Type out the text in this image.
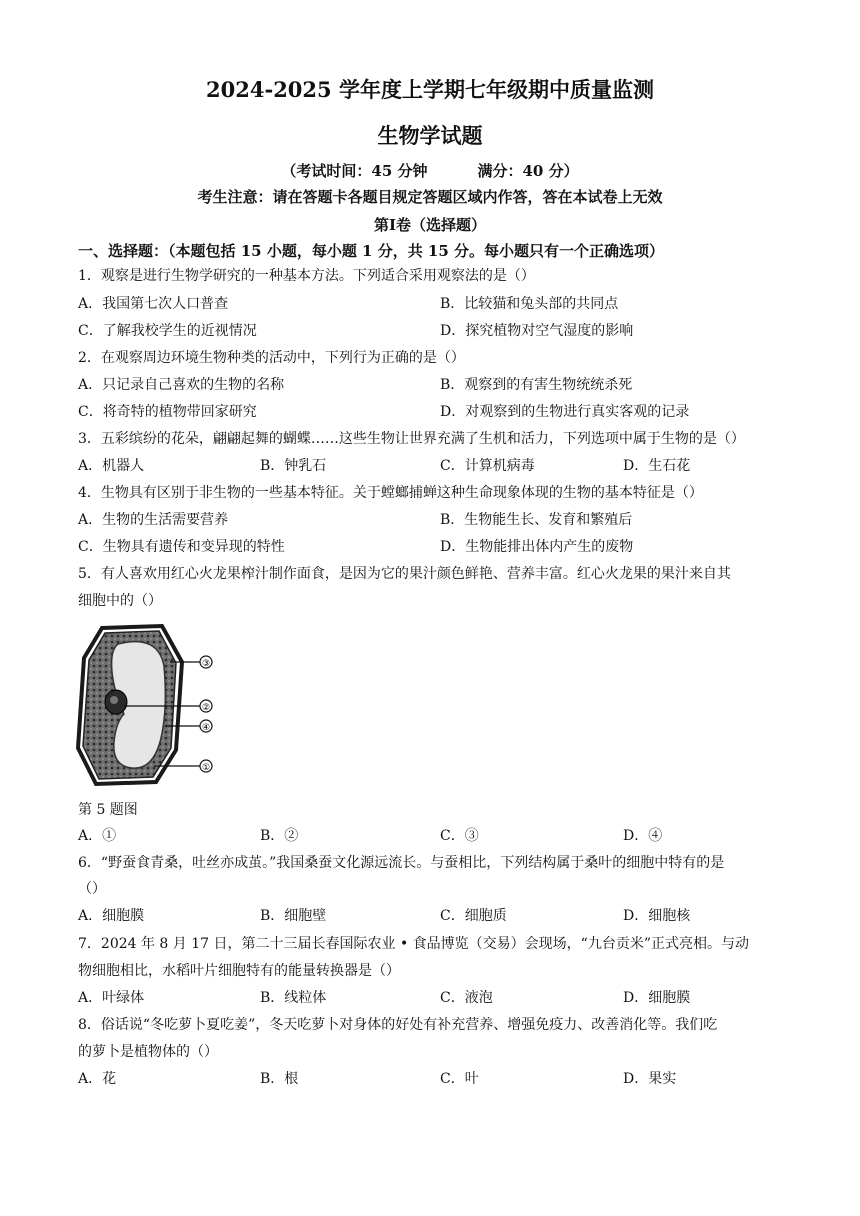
2024-2025 学年度上学期七年级期中质量监测
生物学试题
（考试时间：45 分钟	满分：40 分）
考生注意：请在答题卡各题目规定答题区域内作答，答在本试卷上无效
第Ⅰ卷（选择题）
一、选择题：（本题包括 15 小题，每小题 1 分，共 15 分。每小题只有一个正确选项）
1．观察是进行生物学研究的一种基本方法。下列适合采用观察法的是（）
A．我国第七次人口普查	B．比较猫和兔头部的共同点
C．了解我校学生的近视情况	D．探究植物对空气湿度的影响
2．在观察周边环境生物种类的活动中，下列行为正确的是（）
A．只记录自己喜欢的生物的名称	B．观察到的有害生物统统杀死
C．将奇特的植物带回家研究	D．对观察到的生物进行真实客观的记录
3．五彩缤纷的花朵，翩翩起舞的蝴蝶……这些生物让世界充满了生机和活力，下列选项中属于生物的是（）
A．机器人	B．钟乳石	C．计算机病毒	D．生石花
4．生物具有区别于非生物的一些基本特征。关于螳螂捕蝉这种生命现象体现的生物的基本特征是（）
A．生物的生活需要营养	B．生物能生长、发育和繁殖后
C．生物具有遗传和变异现的特性	D．生物能排出体内产生的废物
5．有人喜欢用红心火龙果榨汁制作面食，是因为它的果汁颜色鲜艳、营养丰富。红心火龙果的果汁来自其
细胞中的（）
③
②
④
①
第 5 题图
A．①	B．②	C．③	D．④
6．“野蚕食青桑，吐丝亦成茧。”我国桑蚕文化源远流长。与蚕相比，下列结构属于桑叶的细胞中特有的是
（）
A．细胞膜	B．细胞壁	C．细胞质	D．细胞核
7．2024 年 8 月 17 日，第二十三届长春国际农业 • 食品博览（交易）会现场，“九台贡米”正式亮相。与动
物细胞相比，水稻叶片细胞特有的能量转换器是（）
A．叶绿体	B．线粒体	C．液泡	D．细胞膜
8．俗话说“冬吃萝卜夏吃姜”，冬天吃萝卜对身体的好处有补充营养、增强免疫力、改善消化等。我们吃
的萝卜是植物体的（）
A．花	B．根	C．叶	D．果实
